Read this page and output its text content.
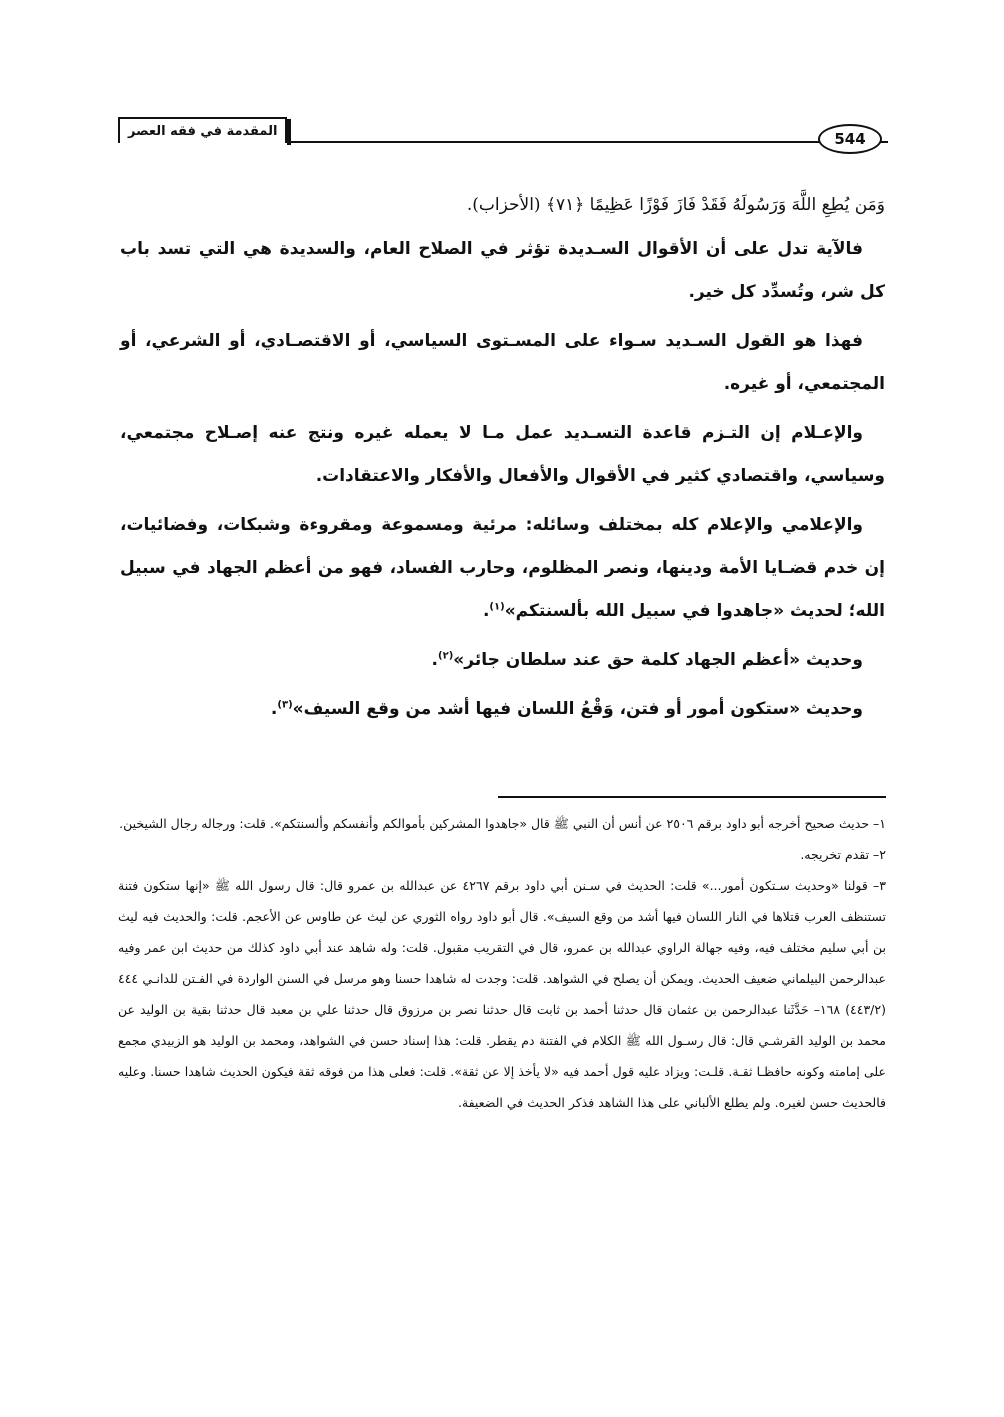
المقدمة في فقه العصر	544
وَمَن يُطِعِ اللَّهَ وَرَسُولَهُ فَقَدْ فَازَ فَوْزًا عَظِيمًا ﴿٧١﴾ (الأحزاب).

فالآية تدل على أن الأقوال السـديدة تؤثر في الصلاح العام، والسديدة هي التي تسد باب كل شر، وتُسدِّد كل خير.

فهذا هو القول السـديد سـواء على المسـتوى السياسي، أو الاقتصـادي، أو الشرعي، أو المجتمعي، أو غيره.

والإعـلام إن التـزم قاعدة التسـديد عمل مـا لا يعمله غيره ونتج عنه إصـلاح مجتمعي، وسياسي، واقتصادي كثير في الأقوال والأفعال والأفكار والاعتقادات.

والإعلامي والإعلام كله بمختلف وسائله: مرئية ومسموعة ومقروءة وشبكات، وفضائيات، إن خدم قضـايا الأمة ودينها، ونصر المظلوم، وحارب الفساد، فهو من أعظم الجهاد في سبيل الله؛ لحديث «جاهدوا في سبيل الله بألسنتكم»$^{(١)}$.

وحديث «أعظم الجهاد كلمة حق عند سلطان جائر»$^{(٢)}$.

وحديث «ستكون أمور أو فتن، وَقْعُ اللسان فيها أشد من وقع السيف»$^{(٣)}$.

١– حديث صحيح أخرجه أبو داود برقم ٢٥٠٦ عن أنس أن النبي ﷺ قال «جاهدوا المشركين بأموالكم وأنفسكم وألسنتكم». قلت: ورجاله رجال الشيخين.

٢– تقدم تخريجه.

٣– قولنا «وحديث سـتكون أمور...» قلت: الحديث في سـنن أبي داود برقم ٤٢٦٧ عن عبدالله بن عمرو قال: قال رسول الله ﷺ «إنها ستكون فتنة تستنظف العرب قتلاها في النار اللسان فيها أشد من وقع السيف». قال أبو داود رواه الثوري عن ليث عن طاوس عن الأعجم. قلت: والحديث فيه ليث بن أبي سليم مختلف فيه، وفيه جهالة الراوي عبدالله بن عمرو، قال في التقريب مقبول. قلت: وله شاهد عند أبي داود كذلك من حديث ابن عمر وفيه عبدالرحمن البيلماني ضعيف الحديث. ويمكن أن يصلح في الشواهد. قلت: وجدت له شاهدا حسنا وهو مرسل في السنن الواردة في الفـتن للدانـي ٤٤٤ (٤٤٣/٢) ١٦٨– حَدَّثَنا عبدالرحمن بن عثمان قال حدثنا أحمد بن ثابت قال حدثنا نصر بن مرزوق قال حدثنا علي بن معبد قال حدثنا بقية بن الوليد عن محمد بن الوليد القرشـي قال: قال رسـول الله ﷺ الكلام في الفتنة دم يقطر. قلت: هذا إسناد حسن في الشواهد، ومحمد بن الوليد هو الزبيدي مجمع على إمامته وكونه حافظـا ثقـة. قلـت: ويزاد عليه قول أحمد فيه «لا يأخذ إلا عن ثقة». قلت: فعلى هذا من فوقه ثقة فيكون الحديث شاهدا حسنا. وعليه فالحديث حسن لغيره. ولم يطلع الألباني على هذا الشاهد فذكر الحديث في الضعيفة.
